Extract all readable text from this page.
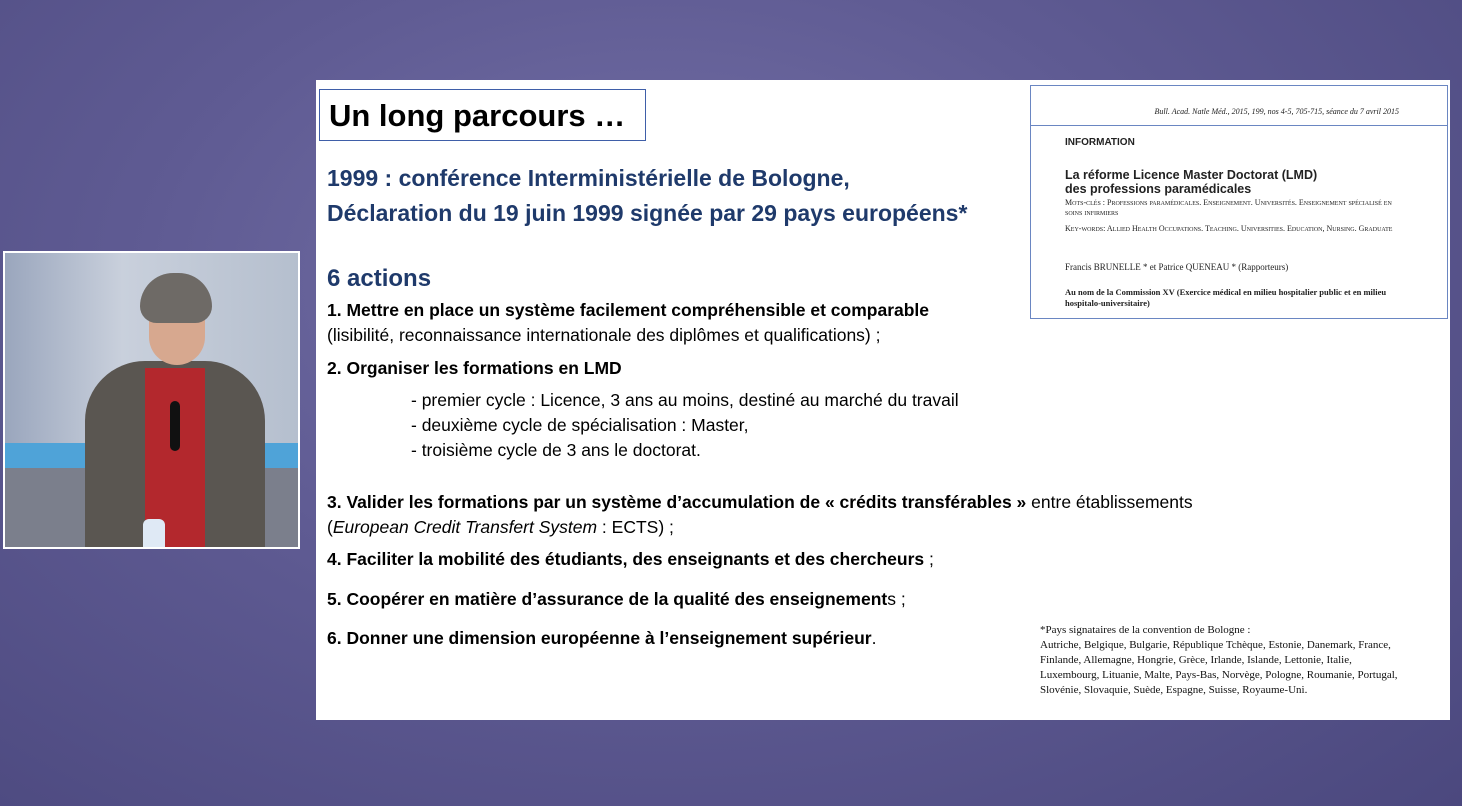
Un long parcours …
1999 : conférence Interministérielle de Bologne,
Déclaration du 19 juin 1999 signée par 29 pays européens*
6 actions
1. Mettre en place un système facilement compréhensible et comparable
(lisibilité, reconnaissance internationale des diplômes et qualifications) ;
2. Organiser les formations en LMD
- premier cycle : Licence, 3 ans au moins, destiné au marché du travail
- deuxième cycle de spécialisation : Master,
- troisième cycle de 3 ans le doctorat.
3. Valider les formations par un système d’accumulation de « crédits transférables » entre établissements
(European Credit Transfert System : ECTS) ;
4. Faciliter la mobilité des étudiants, des enseignants et des chercheurs ;
5. Coopérer en matière d’assurance de la qualité des enseignements ;
6. Donner une dimension européenne à l’enseignement supérieur.
Bull. Acad. Natle Méd., 2015, 199, nos 4-5, 705-715, séance du 7 avril 2015
INFORMATION
La réforme Licence Master Doctorat (LMD)
des professions paramédicales
Mots-clés : Professions paramédicales. Enseignement. Universités. Enseignement spécialisé en soins infirmiers
Key-words: Allied Health Occupations. Teaching. Universities. Education, Nursing. Graduate
Francis BRUNELLE * et Patrice QUENEAU * (Rapporteurs)
Au nom de la Commission XV (Exercice médical en milieu hospitalier public et en milieu hospitalo-universitaire)
*Pays signataires de la convention de Bologne :
Autriche, Belgique, Bulgarie, République Tchèque, Estonie, Danemark, France, Finlande, Allemagne, Hongrie, Grèce, Irlande, Islande, Lettonie, Italie, Luxembourg, Lituanie, Malte, Pays-Bas, Norvège, Pologne, Roumanie, Portugal, Slovénie, Slovaquie, Suède, Espagne, Suisse, Royaume-Uni.
